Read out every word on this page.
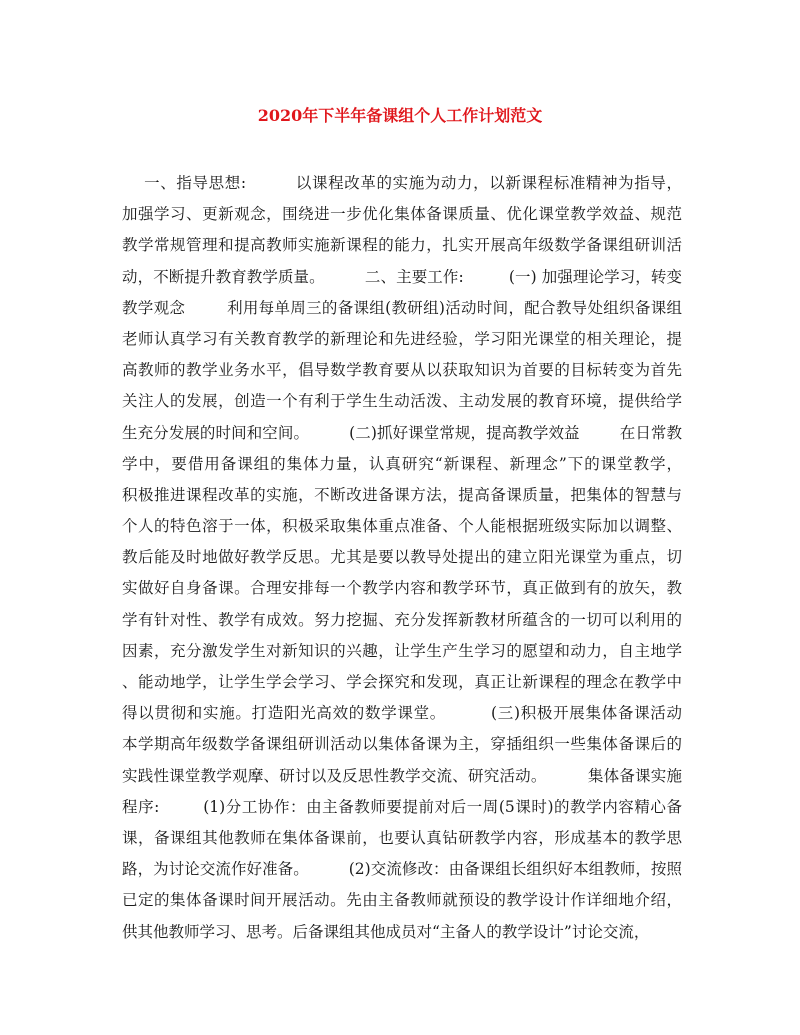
2020年下半年备课组个人工作计划范文
一、指导思想:         以课程改革的实施为动力，以新课程标准精神为指导，
加强学习、更新观念，围绕进一步优化集体备课质量、优化课堂教学效益、规范
教学常规管理和提高教师实施新课程的能力，扎实开展高年级数学备课组研训活
动，不断提升教育教学质量。        二、主要工作:         (一) 加强理论学习，转变
教学观念        利用每单周三的备课组(教研组)活动时间，配合教导处组织备课组
老师认真学习有关教育教学的新理论和先进经验，学习阳光课堂的相关理论，提
高教师的教学业务水平，倡导数学教育要从以获取知识为首要的目标转变为首先
关注人的发展，创造一个有利于学生生动活泼、主动发展的教育环境，提供给学
生充分发展的时间和空间。        (二)抓好课堂常规，提高教学效益        在日常教
学中，要借用备课组的集体力量，认真研究“新课程、新理念”下的课堂教学，
积极推进课程改革的实施，不断改进备课方法，提高备课质量，把集体的智慧与
个人的特色溶于一体，积极采取集体重点准备、个人能根据班级实际加以调整、
教后能及时地做好教学反思。尤其是要以教导处提出的建立阳光课堂为重点，切
实做好自身备课。合理安排每一个教学内容和教学环节，真正做到有的放矢，教
学有针对性、教学有成效。努力挖掘、充分发挥新教材所蕴含的一切可以利用的
因素，充分激发学生对新知识的兴趣，让学生产生学习的愿望和动力，自主地学
、能动地学，让学生学会学习、学会探究和发现，真正让新课程的理念在教学中
得以贯彻和实施。打造阳光高效的数学课堂。        (三)积极开展集体备课活动
本学期高年级数学备课组研训活动以集体备课为主，穿插组织一些集体备课后的
实践性课堂教学观摩、研讨以及反思性教学交流、研究活动。        集体备课实施
程序:        (1)分工协作：由主备教师要提前对后一周(5课时)的教学内容精心备
课，备课组其他教师在集体备课前，也要认真钻研教学内容，形成基本的教学思
路，为讨论交流作好准备。        (2)交流修改：由备课组长组织好本组教师，按照
已定的集体备课时间开展活动。先由主备教师就预设的教学设计作详细地介绍，
供其他教师学习、思考。后备课组其他成员对“主备人的教学设计”讨论交流，
